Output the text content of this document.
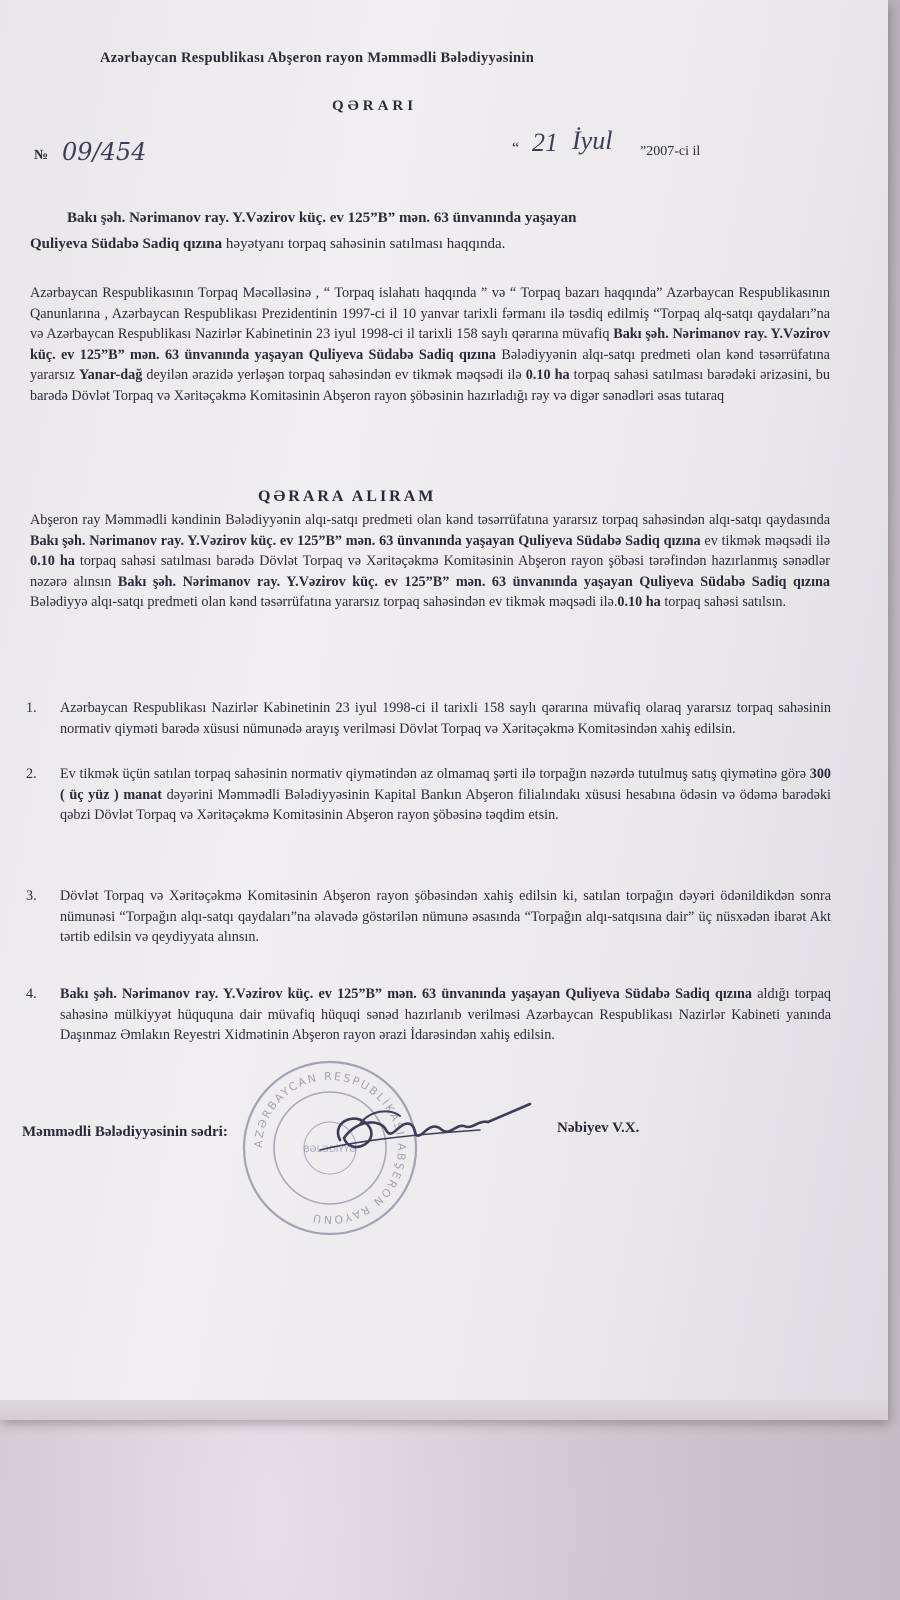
Azərbaycan Respublikası Abşeron rayon Məmmədli Bələdiyyəsinin
QƏRARI
№ 09/454	“ 21 İyul ”2007-ci il
Bakı şəh. Nərimanov ray. Y.Vəzirov küç. ev 125”B” mən. 63 ünvanında yaşayan
Quliyeva Südabə Sadiq qızına həyətyanı torpaq sahəsinin satılması haqqında.
Azərbaycan Respublikasının Torpaq Məcəlləsinə , “ Torpaq islahatı haqqında ” və “ Torpaq bazarı haqqında” Azərbaycan Respublikasının Qanunlarına , Azərbaycan Respublikası Prezidentinin 1997-ci il 10 yanvar tarixli fərmanı ilə təsdiq edilmiş “Torpaq alq-satqı qaydaları”na və Azərbaycan Respublikası Nazirlər Kabinetinin 23 iyul 1998-ci il tarixli 158 saylı qərarına müvafiq Bakı şəh. Nərimanov ray. Y.Vəzirov küç. ev 125”B” mən. 63 ünvanında yaşayan Quliyeva Südabə Sadiq qızına Bələdiyyənin alqı-satqı predmeti olan kənd təsərrüfatına yararsız Yanar-dağ deyilən ərazidə yerləşən torpaq sahəsindən ev tikmək məqsədi ilə 0.10 ha torpaq sahəsi satılması barədəki ərizəsini, bu barədə Dövlət Torpaq və Xəritəçəkmə Komitəsinin Abşeron rayon şöbəsinin hazırladığı rəy və digər sənədləri əsas tutaraq
QƏRARA ALIRAM
Abşeron ray Məmmədli kəndinin Bələdiyyənin alqı-satqı predmeti olan kənd təsərrüfatına yararsız torpaq sahəsindən alqı-satqı qaydasında Bakı şəh. Nərimanov ray. Y.Vəzirov küç. ev 125”B” mən. 63 ünvanında yaşayan Quliyeva Südabə Sadiq qızına ev tikmək məqsədi ilə 0.10 ha torpaq sahəsi satılması barədə Dövlət Torpaq və Xəritəçəkmə Komitəsinin Abşeron rayon şöbəsi tərəfindən hazırlanmış sənədlər nəzərə alınsın Bakı şəh. Nərimanov ray. Y.Vəzirov küç. ev 125”B” mən. 63 ünvanında yaşayan Quliyeva Südabə Sadiq qızına Bələdiyyə alqı-satqı predmeti olan kənd təsərrüfatına yararsız torpaq sahəsindən ev tikmək məqsədi ilə.0.10 ha torpaq sahəsi satılsın.
1. Azərbaycan Respublikası Nazirlər Kabinetinin 23 iyul 1998-ci il tarixli 158 saylı qərarına müvafiq olaraq yararsız torpaq sahəsinin normativ qiyməti barədə xüsusi nümunədə arayış verilməsi Dövlət Torpaq və Xəritəçəkmə Komitəsindən xahiş edilsin.
2. Ev tikmək üçün satılan torpaq sahəsinin normativ qiymətindən az olmamaq şərti ilə torpağın nəzərdə tutulmuş satış qiymətinə görə 300 ( üç yüz ) manat dəyərini Məmmədli Bələdiyyəsinin Kapital Bankın Abşeron filialındakı xüsusi hesabına ödəsin və ödəmə barədəki qəbzi Dövlət Torpaq və Xəritəçəkmə Komitəsinin Abşeron rayon şöbəsinə təqdim etsin.
3. Dövlət Torpaq və Xəritəçəkmə Komitəsinin Abşeron rayon şöbəsindən xahiş edilsin ki, satılan torpağın dəyəri ödənildikdən sonra nümunəsi “Torpağın alqı-satqı qaydaları”na əlavədə göstərilən nümunə əsasında “Torpağın alqı-satqısına dair” üç nüsxədən ibarət Akt tərtib edilsin və qeydiyyata alınsın.
4. Bakı şəh. Nərimanov ray. Y.Vəzirov küç. ev 125”B” mən. 63 ünvanında yaşayan Quliyeva Südabə Sadiq qızına aldığı torpaq sahəsinə mülkiyyət hüququna dair müvafiq hüquqi sənəd hazırlanıb verilməsi Azərbaycan Respublikası Nazirlər Kabineti yanında Daşınmaz Əmlakın Reyestri Xidmətinin Abşeron rayon ərazi İdarəsindən xahiş edilsin.
AZƏRBAYCAN RESPUBLİKASI ABŞERON RAYONU
BƏLƏDİYYƏ
Məmmədli Bələdiyyəsinin sədri:	Nəbiyev V.X.
